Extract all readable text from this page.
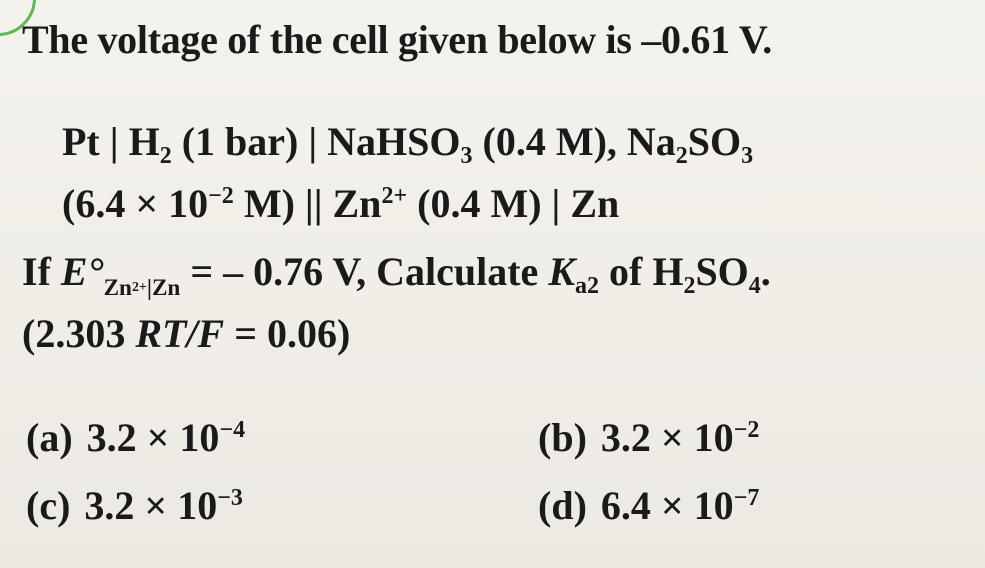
The voltage of the cell given below is –0.61 V.
Pt | $H_2$ (1 bar) | NaHSO$_3$ (0.4 M), $Na_2SO_3$
($6.4 \times 10^{-2}$ M) || $Zn^{2+}$ (0.4 M) | Zn
If $E^\circ_{Zn^{2+}|Zn}$ = – 0.76 V, Calculate $K_{a2}$ of $H_2SO_4$.
(2.303 RT/F = 0.06)
(a) $3.2 \times 10^{-4}$	(b) $3.2 \times 10^{-2}$
(c) $3.2 \times 10^{-3}$	(d) $6.4 \times 10^{-7}$
